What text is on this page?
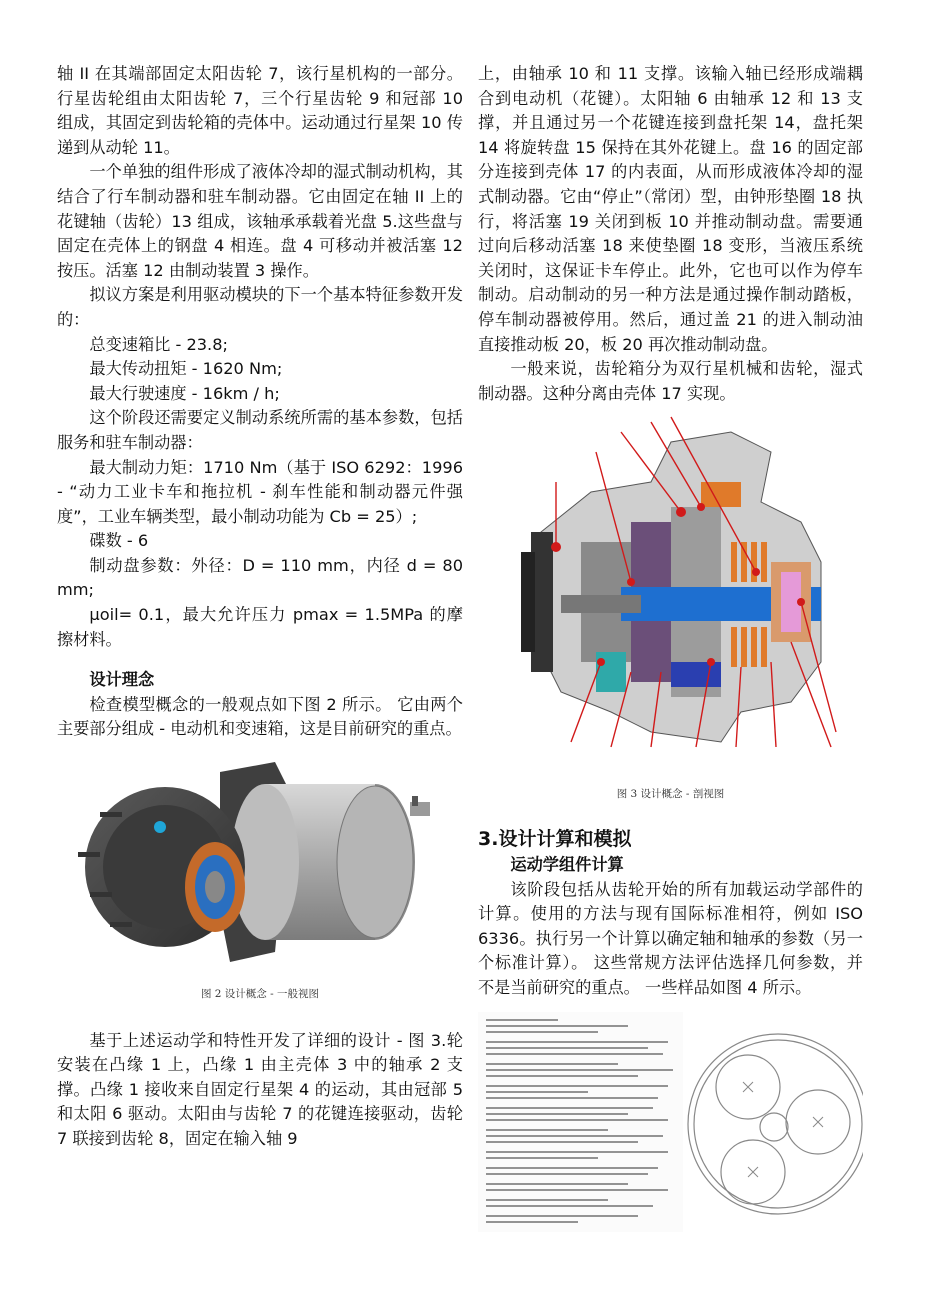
轴 II 在其端部固定太阳齿轮 7，该行星机构的一部分。 行星齿轮组由太阳齿轮 7，三个行星齿轮 9 和冠部 10 组成，其固定到齿轮箱的壳体中。运动通过行星架 10 传递到从动轮 11。

一个单独的组件形成了液体冷却的湿式制动机构，其结合了行车制动器和驻车制动器。它由固定在轴 II 上的花键轴（齿轮）13 组成，该轴承承载着光盘 5.这些盘与固定在壳体上的钢盘 4 相连。盘 4 可移动并被活塞 12 按压。活塞 12 由制动装置 3 操作。

拟议方案是利用驱动模块的下一个基本特征参数开发的：

总变速箱比 - 23.8;

最大传动扭矩 - 1620 Nm;

最大行驶速度 - 16km / h;

这个阶段还需要定义制动系统所需的基本参数，包括服务和驻车制动器：

最大制动力矩：1710 Nm（基于 ISO 6292：1996 - “动力工业卡车和拖拉机 - 刹车性能和制动器元件强度”，工业车辆类型，最小制动功能为 Cb = 25）;

碟数 - 6

制动盘参数：外径：D = 110 mm，内径 d = 80 mm;

μoil= 0.1，最大允许压力 pmax = 1.5MPa 的摩擦材料。

设计理念

检查模型概念的一般观点如下图 2 所示。 它由两个主要部分组成 - 电动机和变速箱，这是目前研究的重点。

图 2 设计概念 - 一般视图

基于上述运动学和特性开发了详细的设计 - 图 3.轮安装在凸缘 1 上，凸缘 1 由主壳体 3 中的轴承 2 支撑。凸缘 1 接收来自固定行星架 4 的运动，其由冠部 5 和太阳 6 驱动。太阳由与齿轮 7 的花键连接驱动，齿轮 7 联接到齿轮 8，固定在输入轴 9

上，由轴承 10 和 11 支撑。该输入轴已经形成端耦合到电动机（花键）。太阳轴 6 由轴承 12 和 13 支撑，并且通过另一个花键连接到盘托架 14，盘托架 14 将旋转盘 15 保持在其外花键上。盘 16 的固定部分连接到壳体 17 的内表面，从而形成液体冷却的湿式制动器。它由“停止”（常闭）型，由钟形垫圈 18 执行，将活塞 19 关闭到板 10 并推动制动盘。需要通过向后移动活塞 18 来使垫圈 18 变形，当液压系统关闭时，这保证卡车停止。此外，它也可以作为停车制动。启动制动的另一种方法是通过操作制动踏板，停车制动器被停用。然后，通过盖 21 的进入制动油直接推动板 20，板 20 再次推动制动盘。

一般来说，齿轮箱分为双行星机械和齿轮，湿式制动器。这种分离由壳体 17 实现。

图 3 设计概念 - 剖视图

3.设计计算和模拟

运动学组件计算

该阶段包括从齿轮开始的所有加载运动学部件的计算。使用的方法与现有国际标准相符，例如 ISO 6336。执行另一个计算以确定轴和轴承的参数（另一个标准计算）。 这些常规方法评估选择几何参数，并不是当前研究的重点。 一些样品如图 4 所示。
